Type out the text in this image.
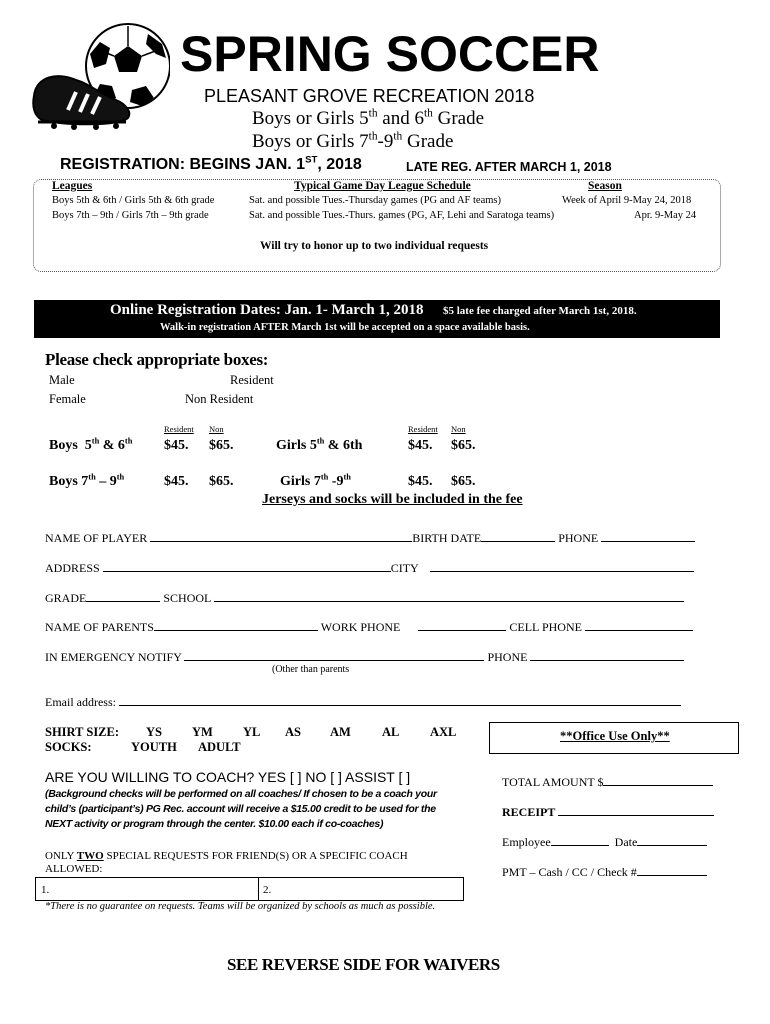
SPRING SOCCER
PLEASANT GROVE RECREATION 2018
Boys or Girls 5th and 6th Grade
Boys or Girls 7th-9th Grade
REGISTRATION: BEGINS JAN. 1ST, 2018	LATE REG. AFTER MARCH 1, 2018
Leagues	Typical Game Day League Schedule	Season
Boys 5th & 6th / Girls 5th & 6th grade	Sat. and possible Tues.-Thursday games (PG and AF teams)	Week of April 9-May 24, 2018
Boys 7th – 9th / Girls 7th – 9th grade	Sat. and possible Tues.-Thurs. games (PG, AF, Lehi and Saratoga teams)	Apr. 9-May 24
Will try to honor up to two individual requests
Online Registration Dates: Jan. 1- March 1, 2018 $5 late fee charged after March 1st, 2018.
Walk-in registration AFTER March 1st will be accepted on a space available basis.
Please check appropriate boxes:
Male
Female
Resident
Non Resident
Resident Non	Resident Non
Boys  5th & 6th $45. $65.	Girls 5th & 6th	$45. $65.
Boys 7th – 9th	$45. $65.	Girls 7th -9th	$45. $65.
Jerseys and socks will be included in the fee
NAME OF PLAYER	BIRTH DATE	PHONE
ADDRESS	CITY
GRADE	SCHOOL
NAME OF PARENTS	WORK PHONE	CELL PHONE
IN EMERGENCY NOTIFY	PHONE
(Other than parents
Email address:
SHIRT SIZE: YS YM YL AS AM AL AXL
SOCKS:	YOUTH ADULT
ARE YOU WILLING TO COACH? YES [ ] NO [ ] ASSIST [ ]
(Background checks will be performed on all coaches/ If chosen to be a coach your
child’s (participant’s) PG Rec. account will receive a $15.00 credit to be used for the
NEXT activity or program through the center. $10.00 each if co-coaches)
ONLY TWO SPECIAL REQUESTS FOR FRIEND(S) OR A SPECIFIC COACH
ALLOWED:
1.	2.
*There is no guarantee on requests. Teams will be organized by schools as much as possible.
**Office Use Only**
TOTAL AMOUNT $
RECEIPT
Employee	Date
PMT – Cash / CC / Check #
SEE REVERSE SIDE FOR WAIVERS
